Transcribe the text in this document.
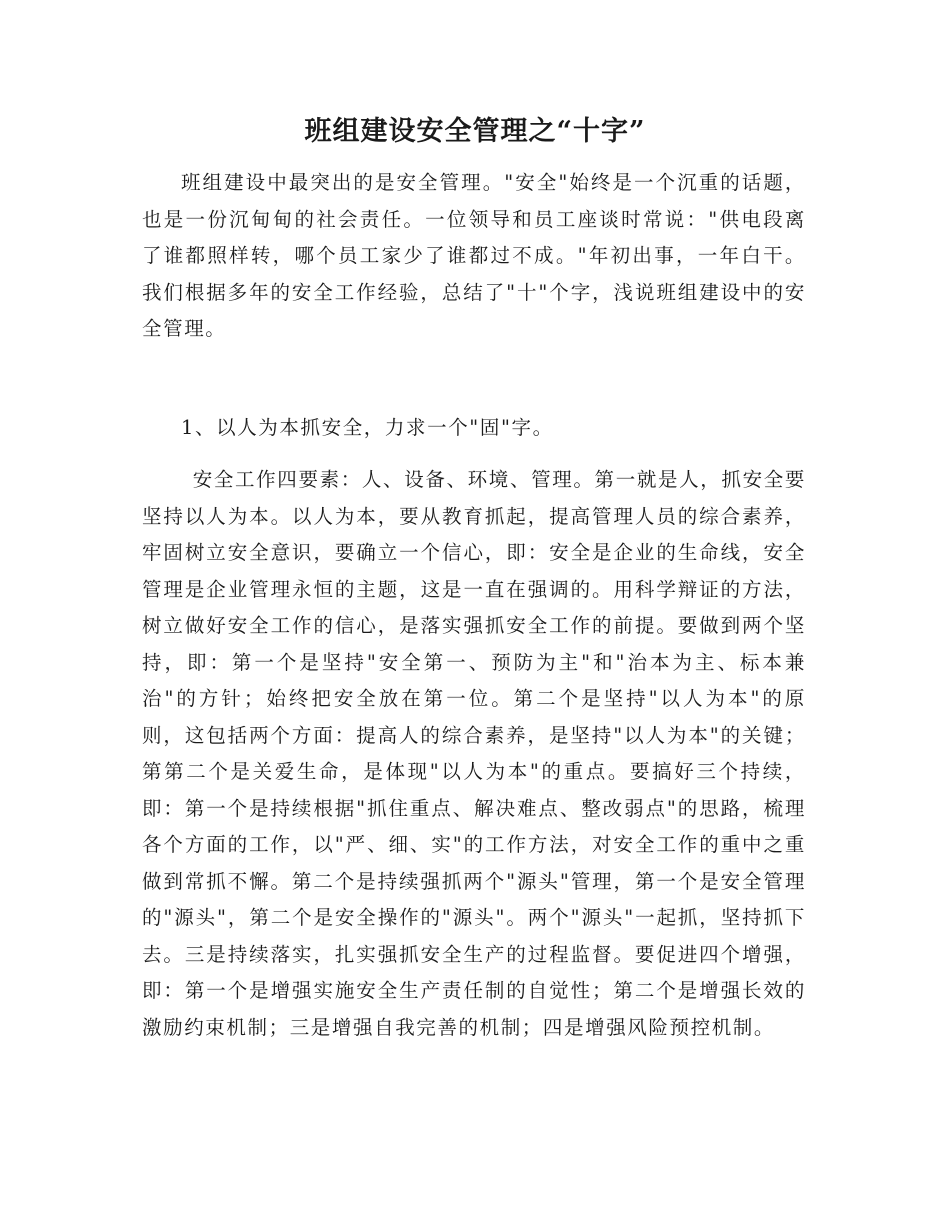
班组建设安全管理之“十字”

班组建设中最突出的是安全管理。"安全"始终是一个沉重的话题，也是一份沉甸甸的社会责任。一位领导和员工座谈时常说："供电段离了谁都照样转，哪个员工家少了谁都过不成。"年初出事，一年白干。我们根据多年的安全工作经验，总结了"十"个字，浅说班组建设中的安全管理。

1、以人为本抓安全，力求一个"固"字。

安全工作四要素：人、设备、环境、管理。第一就是人，抓安全要坚持以人为本。以人为本，要从教育抓起，提高管理人员的综合素养，牢固树立安全意识，要确立一个信心，即：安全是企业的生命线，安全管理是企业管理永恒的主题，这是一直在强调的。用科学辩证的方法，树立做好安全工作的信心，是落实强抓安全工作的前提。要做到两个坚持，即：第一个是坚持"安全第一、预防为主"和"治本为主、标本兼治"的方针；始终把安全放在第一位。第二个是坚持"以人为本"的原则，这包括两个方面：提高人的综合素养，是坚持"以人为本"的关键；第第二个是关爱生命，是体现"以人为本"的重点。要搞好三个持续，即：第一个是持续根据"抓住重点、解决难点、整改弱点"的思路，梳理各个方面的工作，以"严、细、实"的工作方法，对安全工作的重中之重做到常抓不懈。第二个是持续强抓两个"源头"管理，第一个是安全管理的"源头"，第二个是安全操作的"源头"。两个"源头"一起抓，坚持抓下去。三是持续落实，扎实强抓安全生产的过程监督。要促进四个增强，即：第一个是增强实施安全生产责任制的自觉性；第二个是增强长效的激励约束机制；三是增强自我完善的机制；四是增强风险预控机制。
